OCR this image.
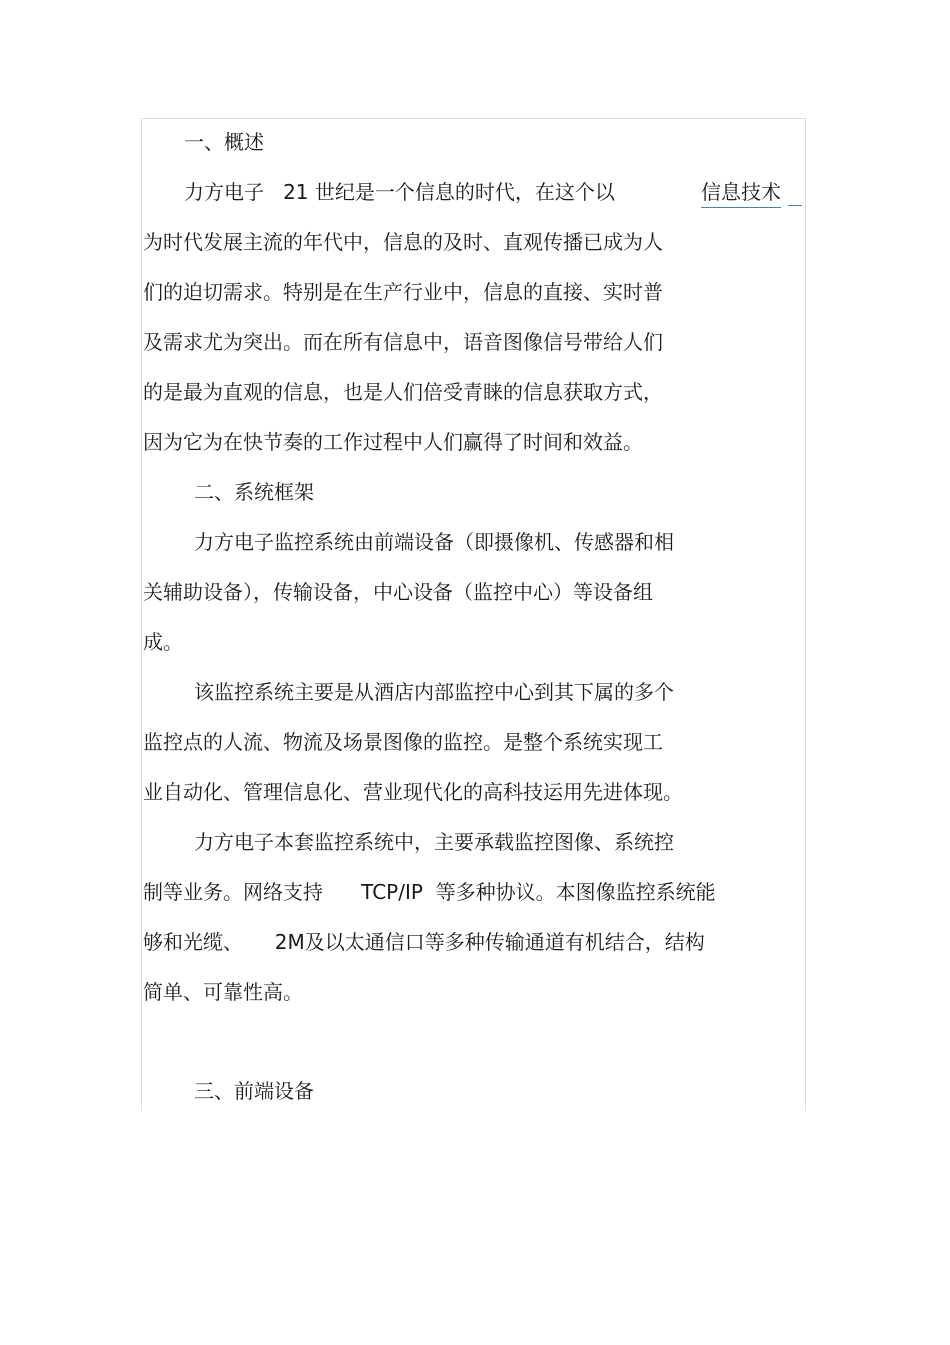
一、概述

力方电子   21 世纪是一个信息的时代，在这个以	信息技术

为时代发展主流的年代中，信息的及时、直观传播已成为人

们的迫切需求。特别是在生产行业中，信息的直接、实时普

及需求尤为突出。而在所有信息中，语音图像信号带给人们

的是最为直观的信息，也是人们倍受青睐的信息获取方式，

因为它为在快节奏的工作过程中人们赢得了时间和效益。

二、系统框架

力方电子监控系统由前端设备（即摄像机、传感器和相

关辅助设备），传输设备，中心设备（监控中心）等设备组

成。

该监控系统主要是从酒店内部监控中心到其下属的多个

监控点的人流、物流及场景图像的监控。是整个系统实现工

业自动化、管理信息化、营业现代化的高科技运用先进体现。

力方电子本套监控系统中，主要承载监控图像、系统控

制等业务。网络支持      TCP/IP  等多种协议。本图像监控系统能

够和光缆、     2M及以太通信口等多种传输通道有机结合，结构

简单、可靠性高。

三、前端设备
